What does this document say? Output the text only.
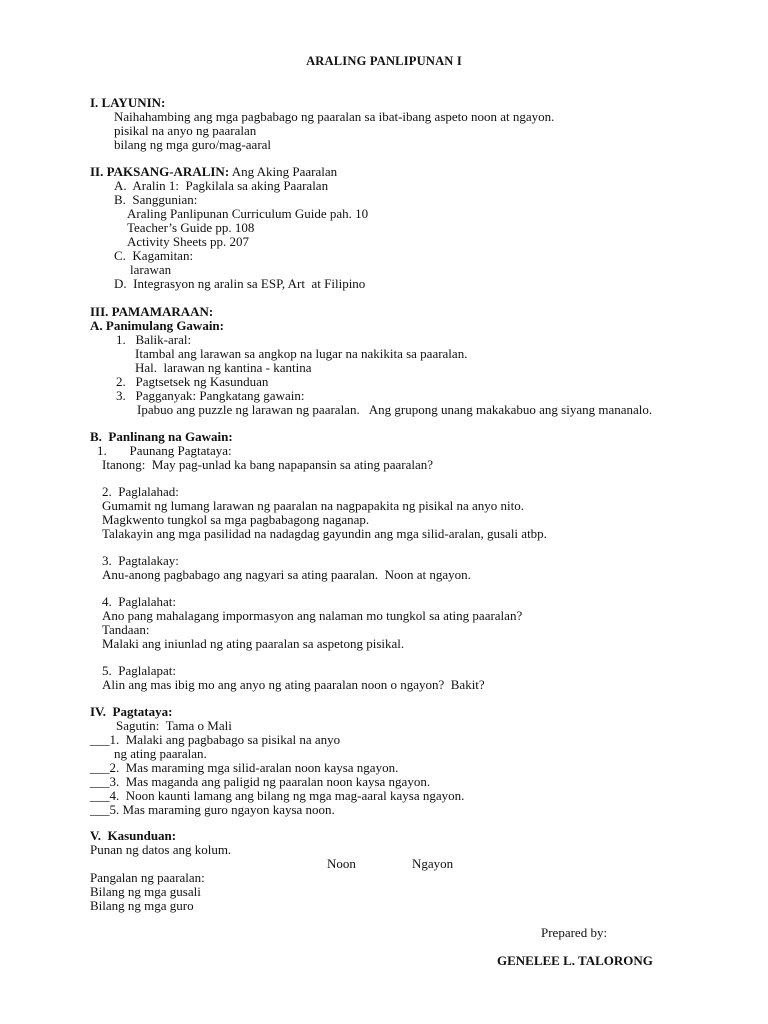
ARALING PANLIPUNAN I
I. LAYUNIN:
Naihahambing ang mga pagbabago ng paaralan sa ibat-ibang aspeto noon at ngayon.
pisikal na anyo ng paaralan
bilang ng mga guro/mag-aaral
II. PAKSANG-ARALIN: Ang Aking Paaralan
A.  Aralin 1:  Pagkilala sa aking Paaralan
B.  Sanggunian:
Araling Panlipunan Curriculum Guide pah. 10
Teacher’s Guide pp. 108
Activity Sheets pp. 207
C.  Kagamitan:
larawan
D.  Integrasyon ng aralin sa ESP, Art  at Filipino
III. PAMAMARAAN:
A. Panimulang Gawain:
1.   Balik-aral:
Itambal ang larawan sa angkop na lugar na nakikita sa paaralan.
Hal.  larawan ng kantina - kantina
2.   Pagtsetsek ng Kasunduan
3.   Pagganyak: Pangkatang gawain:
Ipabuo ang puzzle ng larawan ng paaralan.   Ang grupong unang makakabuo ang siyang mananalo.
B.  Panlinang na Gawain:
1.       Paunang Pagtataya:
Itanong:  May pag-unlad ka bang napapansin sa ating paaralan?
2.  Paglalahad:
Gumamit ng lumang larawan ng paaralan na nagpapakita ng pisikal na anyo nito.
Magkwento tungkol sa mga pagbabagong naganap.
Talakayin ang mga pasilidad na nadagdag gayundin ang mga silid-aralan, gusali atbp.
3.  Pagtalakay:
Anu-anong pagbabago ang nagyari sa ating paaralan.  Noon at ngayon.
4.  Paglalahat:
Ano pang mahalagang impormasyon ang nalaman mo tungkol sa ating paaralan?
Tandaan:
Malaki ang iniunlad ng ating paaralan sa aspetong pisikal.
5.  Paglalapat:
Alin ang mas ibig mo ang anyo ng ating paaralan noon o ngayon?  Bakit?
IV.  Pagtataya:
Sagutin:  Tama o Mali
___1.  Malaki ang pagbabago sa pisikal na anyo
ng ating paaralan.
___2.  Mas maraming mga silid-aralan noon kaysa ngayon.
___3.  Mas maganda ang paligid ng paaralan noon kaysa ngayon.
___4.  Noon kaunti lamang ang bilang ng mga mag-aaral kaysa ngayon.
___5. Mas maraming guro ngayon kaysa noon.
V.  Kasunduan:
Punan ng datos ang kolum.
Noon	Ngayon
Pangalan ng paaralan:
Bilang ng mga gusali
Bilang ng mga guro
Prepared by:
GENELEE L. TALORONG
